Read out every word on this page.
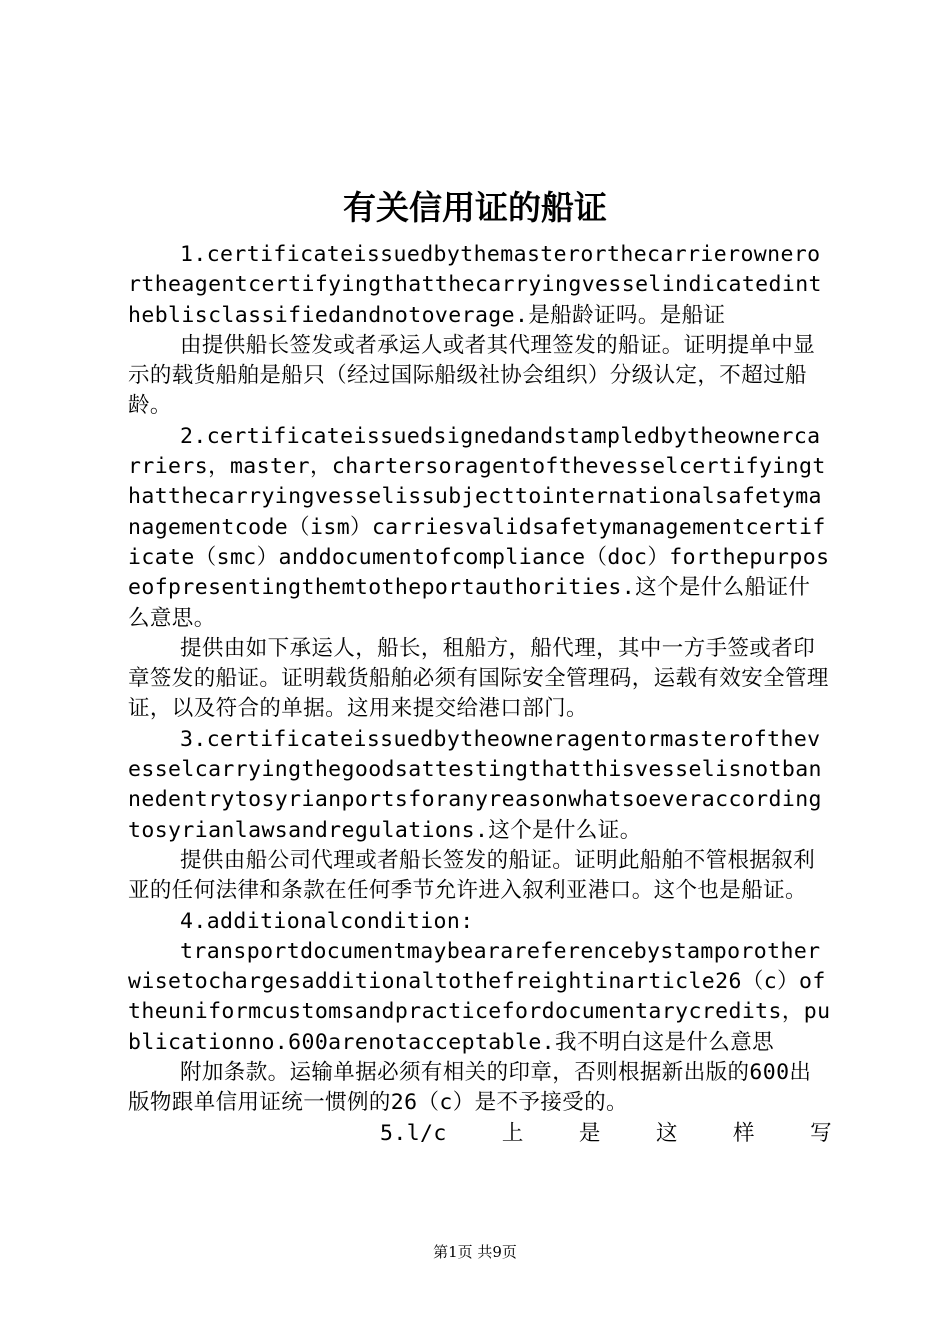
有关信用证的船证

1.certificateissuedbythemasterorthecarrierownerortheagentcertifyingthatthecarryingvesselindicatedintheblisclassifiedandnotoverage.是船龄证吗。是船证

由提供船长签发或者承运人或者其代理签发的船证。证明提单中显示的载货船舶是船只（经过国际船级社协会组织）分级认定，不超过船龄。

2.certificateissuedsignedandstampledbytheownercarriers，master，chartersoragentofthevesselcertifyingthatthecarryingvesselissubjecttointernationalsafetymanagementcode（ism）carriesvalidsafetymanagementcertificate（smc）anddocumentofcompliance（doc）forthepurposeofpresentingthemtotheportauthorities.这个是什么船证什么意思。

提供由如下承运人，船长，租船方，船代理，其中一方手签或者印章签发的船证。证明载货船舶必须有国际安全管理码，运载有效安全管理证，以及符合的单据。这用来提交给港口部门。

3.certificateissuedbytheowneragentormasterofthevesselcarryingthegoodsattestingthatthisvesselisnotbannedentrytosyrianportsforanyreasonwhatsoeveraccordingtosyrianlawsandregulations.这个是什么证。

提供由船公司代理或者船长签发的船证。证明此船舶不管根据叙利亚的任何法律和条款在任何季节允许进入叙利亚港口。这个也是船证。

4.additionalcondition:

transportdocumentmaybearareferencebystamporotherwisetochargesadditionaltothefreightinarticle26（c）oftheuniformcustomsandpracticefordocumentarycredits，publicationno.600arenotacceptable.我不明白这是什么意思

附加条款。运输单据必须有相关的印章，否则根据新出版的600出版物跟单信用证统一惯例的26（c）是不予接受的。

5.l/c	上	是	这	样	写

第1页 共9页
